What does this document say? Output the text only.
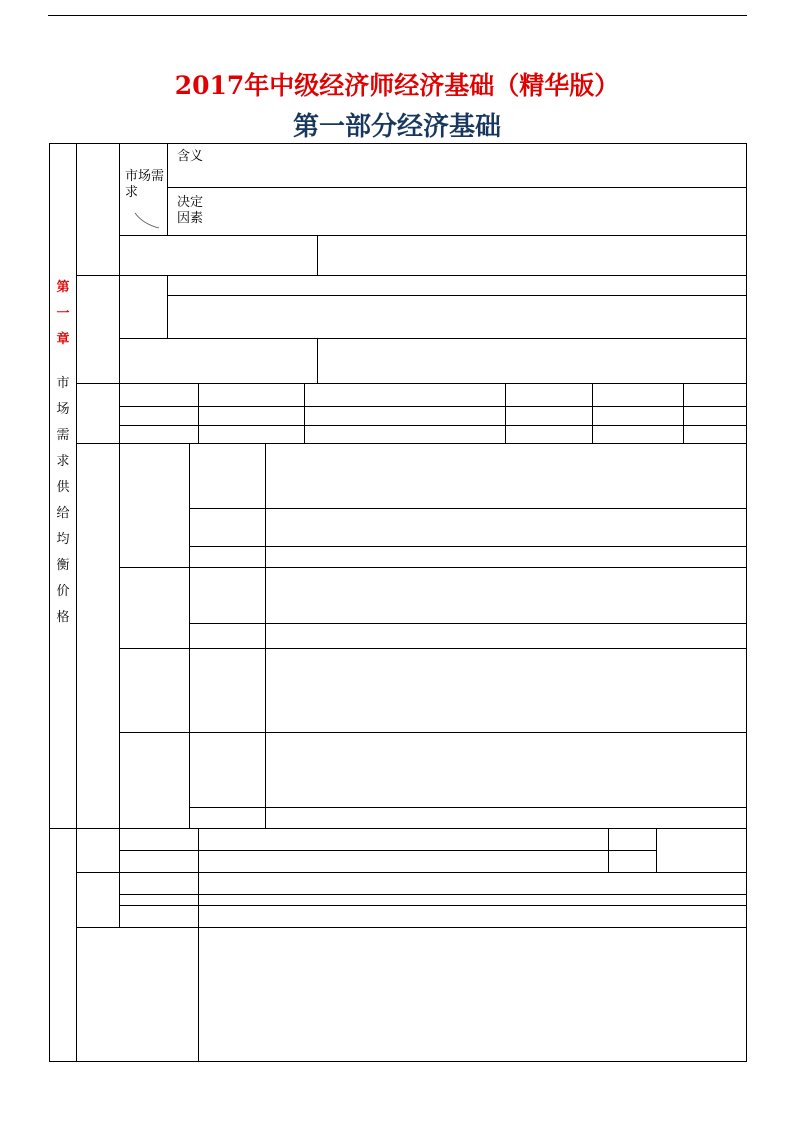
2017年中级经济师经济基础（精华版）
第一部分经济基础
第一章
市场需求供给均衡价格
市场需求
含义
决定因素
